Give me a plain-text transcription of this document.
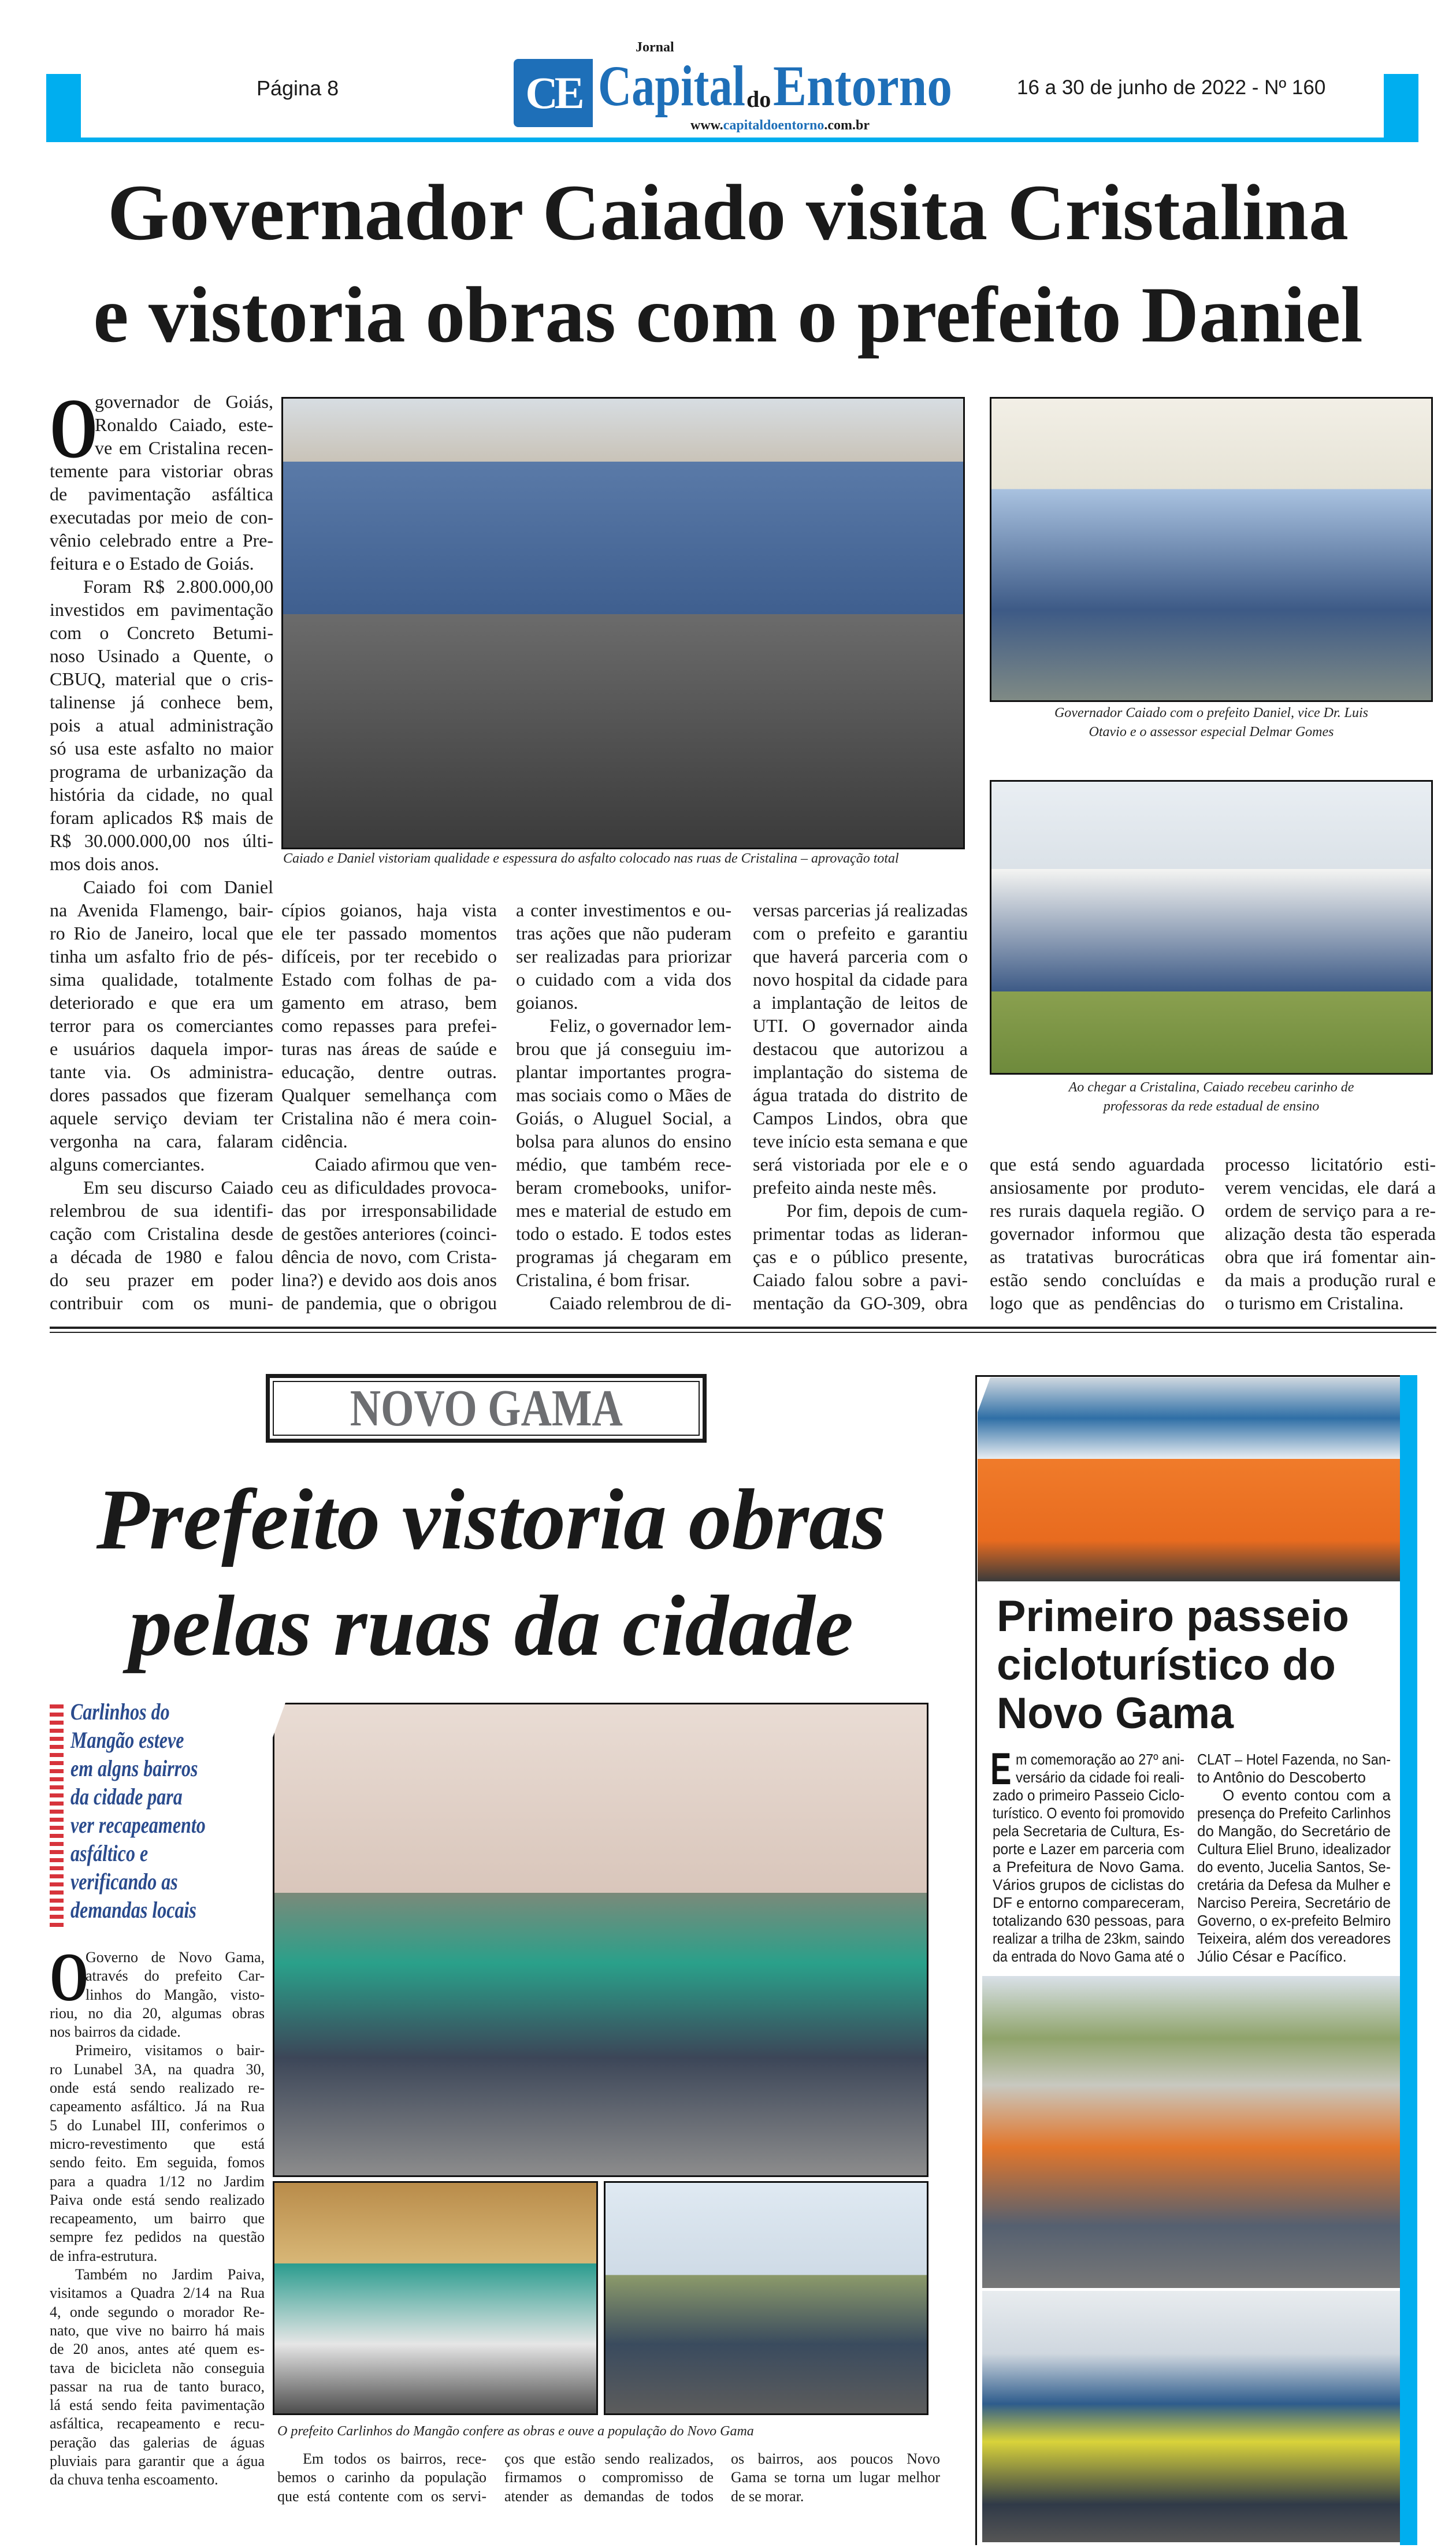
Página 8	16 a 30 de junho de 2022 - Nº 160
CE
Jornal
Capital do Entorno
www.capitaldoentorno.com.br
Governador Caiado visita Cristalina
e vistoria obras com o prefeito Daniel
O
governador de Goiás,
Ronaldo Caiado, este-
ve em Cristalina recen-
temente para vistoriar obras
de pavimentação asfáltica
executadas por meio de con-
vênio celebrado entre a Pre-
feitura e o Estado de Goiás.
Foram R$ 2.800.000,00
investidos em pavimentação
com o Concreto Betumi-
noso Usinado a Quente, o
CBUQ, material que o cris-
talinense já conhece bem,
pois a atual administração
só usa este asfalto no maior
programa de urbanização da
história da cidade, no qual
foram aplicados R$ mais de
R$ 30.000.000,00 nos últi-
mos dois anos.
Caiado foi com Daniel
na Avenida Flamengo, bair-
ro Rio de Janeiro, local que
tinha um asfalto frio de pés-
sima qualidade, totalmente
deteriorado e que era um
terror para os comerciantes
e usuários daquela impor-
tante via. Os administra-
dores passados que fizeram
aquele serviço deviam ter
vergonha na cara, falaram
alguns comerciantes.
Em seu discurso Caiado
relembrou de sua identifi-
cação com Cristalina desde
a década de 1980 e falou
do seu prazer em poder
contribuir com os muni-
cípios goianos, haja vista
ele ter passado momentos
difíceis, por ter recebido o
Estado com folhas de pa-
gamento em atraso, bem
como repasses para prefei-
turas nas áreas de saúde e
educação, dentre outras.
Qualquer semelhança com
Cristalina não é mera coin-
cidência.
Caiado afirmou que ven-
ceu as dificuldades provoca-
das por irresponsabilidade
de gestões anteriores (coinci-
dência de novo, com Crista-
lina?) e devido aos dois anos
de pandemia, que o obrigou
a conter investimentos e ou-
tras ações que não puderam
ser realizadas para priorizar
o cuidado com a vida dos
goianos.
Feliz, o governador lem-
brou que já conseguiu im-
plantar importantes progra-
mas sociais como o Mães de
Goiás, o Aluguel Social, a
bolsa para alunos do ensino
médio, que também rece-
beram cromebooks, unifor-
mes e material de estudo em
todo o estado. E todos estes
programas já chegaram em
Cristalina, é bom frisar.
Caiado relembrou de di-
versas parcerias já realizadas
com o prefeito e garantiu
que haverá parceria com o
novo hospital da cidade para
a implantação de leitos de
UTI. O governador ainda
destacou que autorizou a
implantação do sistema de
água tratada do distrito de
Campos Lindos, obra que
teve início esta semana e que
será vistoriada por ele e o
prefeito ainda neste mês.
Por fim, depois de cum-
primentar todas as lideran-
ças e o público presente,
Caiado falou sobre a pavi-
mentação da GO-309, obra
que está sendo aguardada
ansiosamente por produto-
res rurais daquela região. O
governador informou que
as tratativas burocráticas
estão sendo concluídas e
logo que as pendências do
processo licitatório esti-
verem vencidas, ele dará a
ordem de serviço para a re-
alização desta tão esperada
obra que irá fomentar ain-
da mais a produção rural e
o turismo em Cristalina.
Caiado e Daniel vistoriam qualidade e espessura do asfalto colocado nas ruas de Cristalina – aprovação total
Governador Caiado com o prefeito Daniel, vice Dr. Luis
Otavio e o assessor especial Delmar Gomes
Ao chegar a Cristalina, Caiado recebeu carinho de
professoras da rede estadual de ensino
NOVO GAMA
Prefeito vistoria obras
pelas ruas da cidade
Carlinhos do
Mangão esteve
em algns bairros
da cidade para
ver recapeamento
asfáltico e
verificando as
demandas locais
O
Governo de Novo Gama,
através do prefeito Car-
linhos do Mangão, visto-
riou, no dia 20, algumas obras
nos bairros da cidade.
Primeiro, visitamos o bair-
ro Lunabel 3A, na quadra 30,
onde está sendo realizado re-
capeamento asfáltico. Já na Rua
5 do Lunabel III, conferimos o
micro-revestimento que está
sendo feito. Em seguida, fomos
para a quadra 1/12 no Jardim
Paiva onde está sendo realizado
recapeamento, um bairro que
sempre fez pedidos na questão
de infra-estrutura.
Também no Jardim Paiva,
visitamos a Quadra 2/14 na Rua
4, onde segundo o morador Re-
nato, que vive no bairro há mais
de 20 anos, antes até quem es-
tava de bicicleta não conseguia
passar na rua de tanto buraco,
lá está sendo feita pavimentação
asfáltica, recapeamento e recu-
peração das galerias de águas
pluviais para garantir que a água
da chuva tenha escoamento.
Em todos os bairros, rece-
bemos o carinho da população
que está contente com os servi-
ços que estão sendo realizados,
firmamos o compromisso de
atender as demandas de todos
os bairros, aos poucos Novo
Gama se torna um lugar melhor
de se morar.
O prefeito Carlinhos do Mangão confere as obras e ouve a população do Novo Gama
Primeiro passeio
cicloturístico do
Novo Gama
E m comemoração ao 27º ani-
versário da cidade foi reali-
zado o primeiro Passeio Ciclo-
turístico. O evento foi promovido
pela Secretaria de Cultura, Es-
porte e Lazer em parceria com
a Prefeitura de Novo Gama.
Vários grupos de ciclistas do
DF e entorno compareceram,
totalizando 630 pessoas, para
realizar a trilha de 23km, saindo
da entrada do Novo Gama até o
CLAT – Hotel Fazenda, no San-
to Antônio do Descoberto
O evento contou com a
presença do Prefeito Carlinhos
do Mangão, do Secretário de
Cultura Eliel Bruno, idealizador
do evento, Jucelia Santos, Se-
cretária da Defesa da Mulher e
Narciso Pereira, Secretário de
Governo, o ex-prefeito Belmiro
Teixeira, além dos vereadores
Júlio César e Pacífico.
